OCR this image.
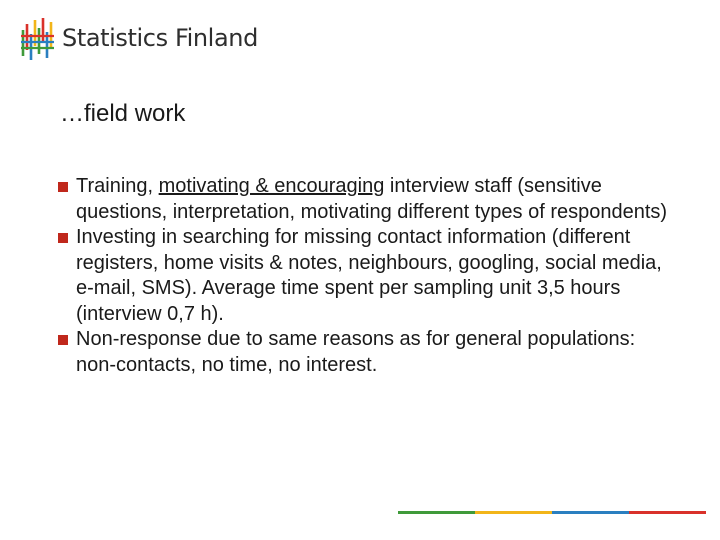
Statistics Finland
…field work
Training, motivating & encouraging interview staff (sensitive questions, interpretation, motivating different types of respondents)
Investing in searching for missing contact information (different registers, home visits & notes, neighbours, googling, social media, e-mail, SMS). Average time spent per sampling unit 3,5 hours (interview 0,7 h).
Non-response due to same reasons as for general populations: non-contacts, no time, no interest.
